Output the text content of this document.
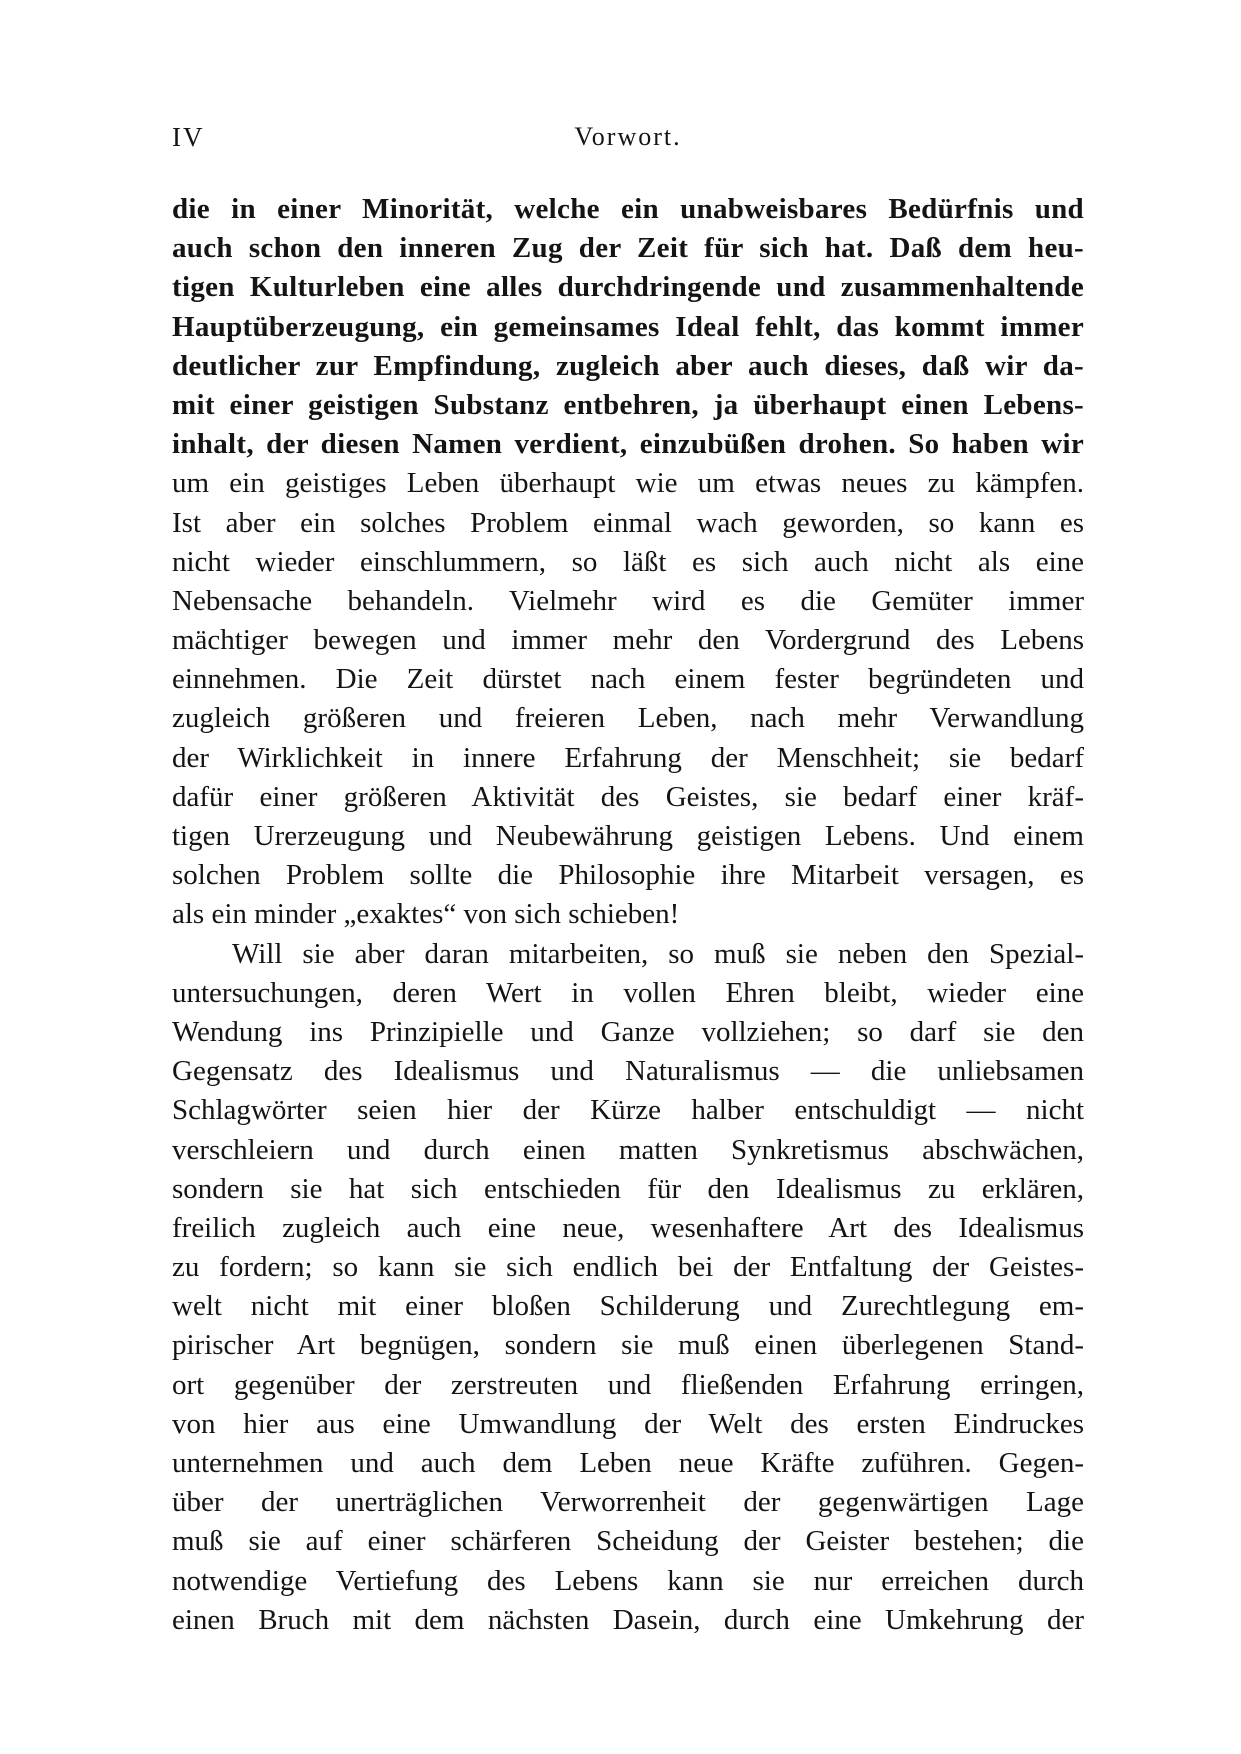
IV	Vorwort.
die in einer Minorität, welche ein unabweisbares Bedürfnis und
auch schon den inneren Zug der Zeit für sich hat. Daß dem heu-
tigen Kulturleben eine alles durchdringende und zusammenhaltende
Hauptüberzeugung, ein gemeinsames Ideal fehlt, das kommt immer
deutlicher zur Empfindung, zugleich aber auch dieses, daß wir da-
mit einer geistigen Substanz entbehren, ja überhaupt einen Lebens-
inhalt, der diesen Namen verdient, einzubüßen drohen. So haben wir
um ein geistiges Leben überhaupt wie um etwas neues zu kämpfen.
Ist aber ein solches Problem einmal wach geworden, so kann es
nicht wieder einschlummern, so läßt es sich auch nicht als eine
Nebensache behandeln. Vielmehr wird es die Gemüter immer
mächtiger bewegen und immer mehr den Vordergrund des Lebens
einnehmen. Die Zeit dürstet nach einem fester begründeten und
zugleich größeren und freieren Leben, nach mehr Verwandlung
der Wirklichkeit in innere Erfahrung der Menschheit; sie bedarf
dafür einer größeren Aktivität des Geistes, sie bedarf einer kräf-
tigen Urerzeugung und Neubewährung geistigen Lebens. Und einem
solchen Problem sollte die Philosophie ihre Mitarbeit versagen, es
als ein minder „exaktes“ von sich schieben!
Will sie aber daran mitarbeiten, so muß sie neben den Spezial-
untersuchungen, deren Wert in vollen Ehren bleibt, wieder eine
Wendung ins Prinzipielle und Ganze vollziehen; so darf sie den
Gegensatz des Idealismus und Naturalismus — die unliebsamen
Schlagwörter seien hier der Kürze halber entschuldigt — nicht
verschleiern und durch einen matten Synkretismus abschwächen,
sondern sie hat sich entschieden für den Idealismus zu erklären,
freilich zugleich auch eine neue, wesenhaftere Art des Idealismus
zu fordern; so kann sie sich endlich bei der Entfaltung der Geistes-
welt nicht mit einer bloßen Schilderung und Zurechtlegung em-
pirischer Art begnügen, sondern sie muß einen überlegenen Stand-
ort gegenüber der zerstreuten und fließenden Erfahrung erringen,
von hier aus eine Umwandlung der Welt des ersten Eindruckes
unternehmen und auch dem Leben neue Kräfte zuführen. Gegen-
über der unerträglichen Verworrenheit der gegenwärtigen Lage
muß sie auf einer schärferen Scheidung der Geister bestehen; die
notwendige Vertiefung des Lebens kann sie nur erreichen durch
einen Bruch mit dem nächsten Dasein, durch eine Umkehrung der
